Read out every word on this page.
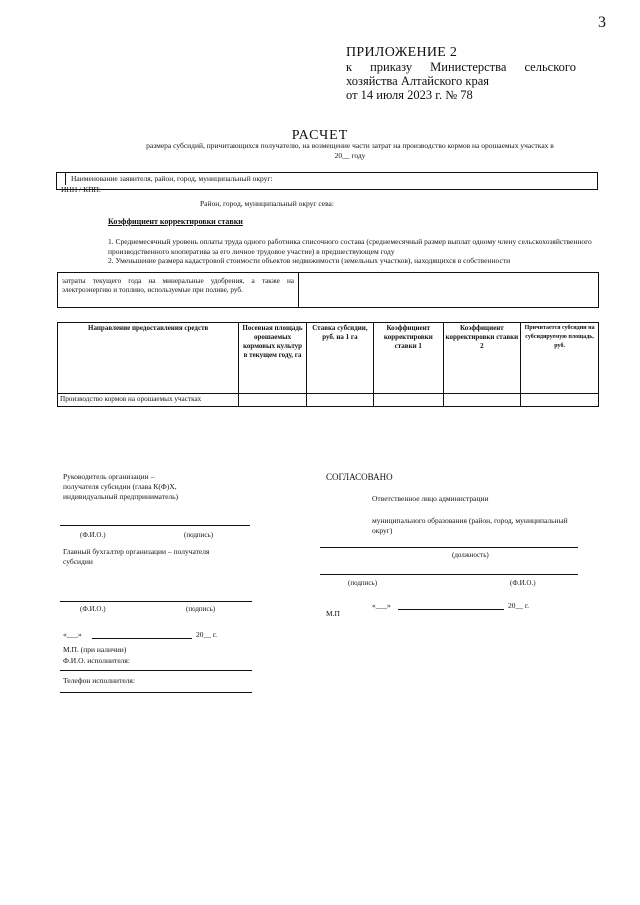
3
ПРИЛОЖЕНИЕ 2
к приказу Министерства сельского
хозяйства Алтайского края
от 14 июля 2023 г. № 78
РАСЧЕТ
размера субсидий, причитающихся получателю, на возмещение части затрат на производство кормов на орошаемых участках в
20__ году
Наименование заявителя, район, город, муниципальный округ:
ИНН / КПП:
Район, город, муниципальный округ сева:
Коэффициент корректировки ставки
1. Среднемесячный уровень оплаты труда одного работника списочного состава (среднемесячный размер выплат одному члену сельскохозяйственного производственного кооператива за его личное трудовое участие) в предшествующем году
2. Уменьшение размера кадастровой стоимости объектов недвижимости (земельных участков), находящихся в собственности
затраты текущего года на минеральные удобрения, а также на электроэнергию и топливо, используемые при поливе, руб.
Направление предоставления средств	Посевная площадь орошаемых кормовых культур в текущем году, га	Ставка субсидии, руб. на 1 га	Коэффициент корректировки ставки 1	Коэффициент корректировки ставки 2	Причитается субсидии на субсидируемую площадь, руб.
Производство кормов на орошаемых участках					
Руководитель организации – получателя субсидии (глава К(Ф)Х, индивидуальный предприниматель)
(Ф.И.О.)	(подпись)
Главный бухгалтер организации – получателя субсидии
(Ф.И.О.)	(подпись)
«___»	20__ г.
М.П. (при наличии)
Ф.И.О. исполнителя:
Телефон исполнителя:
СОГЛАСОВАНО
Ответственное лицо администрации
муниципального образования (район, город, муниципальный округ)
(должность)
(подпись)	(Ф.И.О.)
«___»	20__ г.
М.П
